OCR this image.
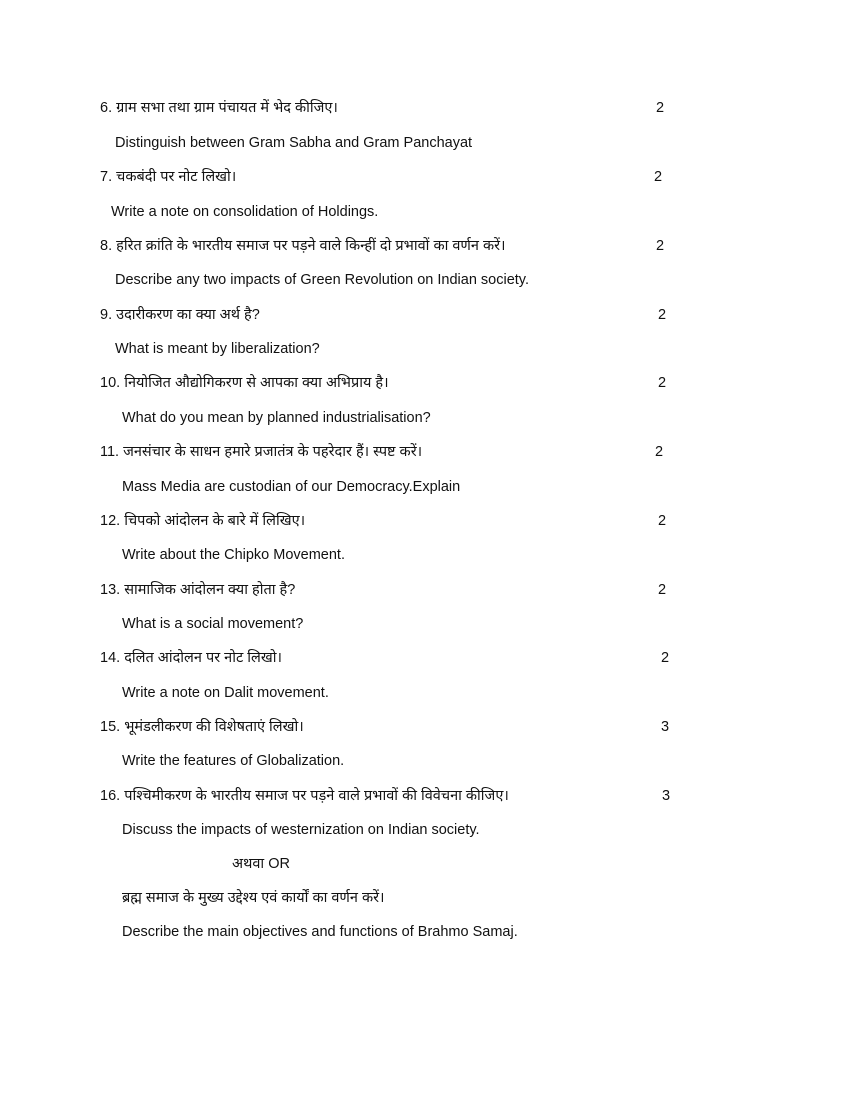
6. ग्राम सभा तथा ग्राम पंचायत में भेद कीजिए।	2
Distinguish between Gram Sabha and Gram Panchayat
7. चकबंदी पर नोट लिखो।	2
Write a note on consolidation of Holdings.
8. हरित क्रांति के भारतीय समाज पर पड़ने वाले किन्हीं दो प्रभावों का वर्णन करें।	2
Describe any two impacts of Green Revolution on Indian society.
9. उदारीकरण का क्या अर्थ है?	2
What is meant by liberalization?
10. नियोजित औद्योगिकरण से आपका क्या अभिप्राय है।	2
What do you mean by planned industrialisation?
11. जनसंचार के साधन हमारे प्रजातंत्र के पहरेदार हैं। स्पष्ट करें।	2
Mass Media are custodian of our Democracy.Explain
12. चिपको आंदोलन के बारे में लिखिए।	2
Write about the Chipko Movement.
13. सामाजिक आंदोलन क्या होता है?	2
What is a social movement?
14. दलित आंदोलन पर नोट लिखो।	2
Write a note on Dalit movement.
15. भूमंडलीकरण की विशेषताएं लिखो।	3
Write the features of Globalization.
16. पश्चिमीकरण के भारतीय समाज पर पड़ने वाले प्रभावों की विवेचना कीजिए।	3
Discuss the impacts of westernization on Indian society.
अथवा OR
ब्रह्म समाज के मुख्य उद्देश्य एवं कार्यों का वर्णन करें।
Describe the main objectives and functions of Brahmo Samaj.
